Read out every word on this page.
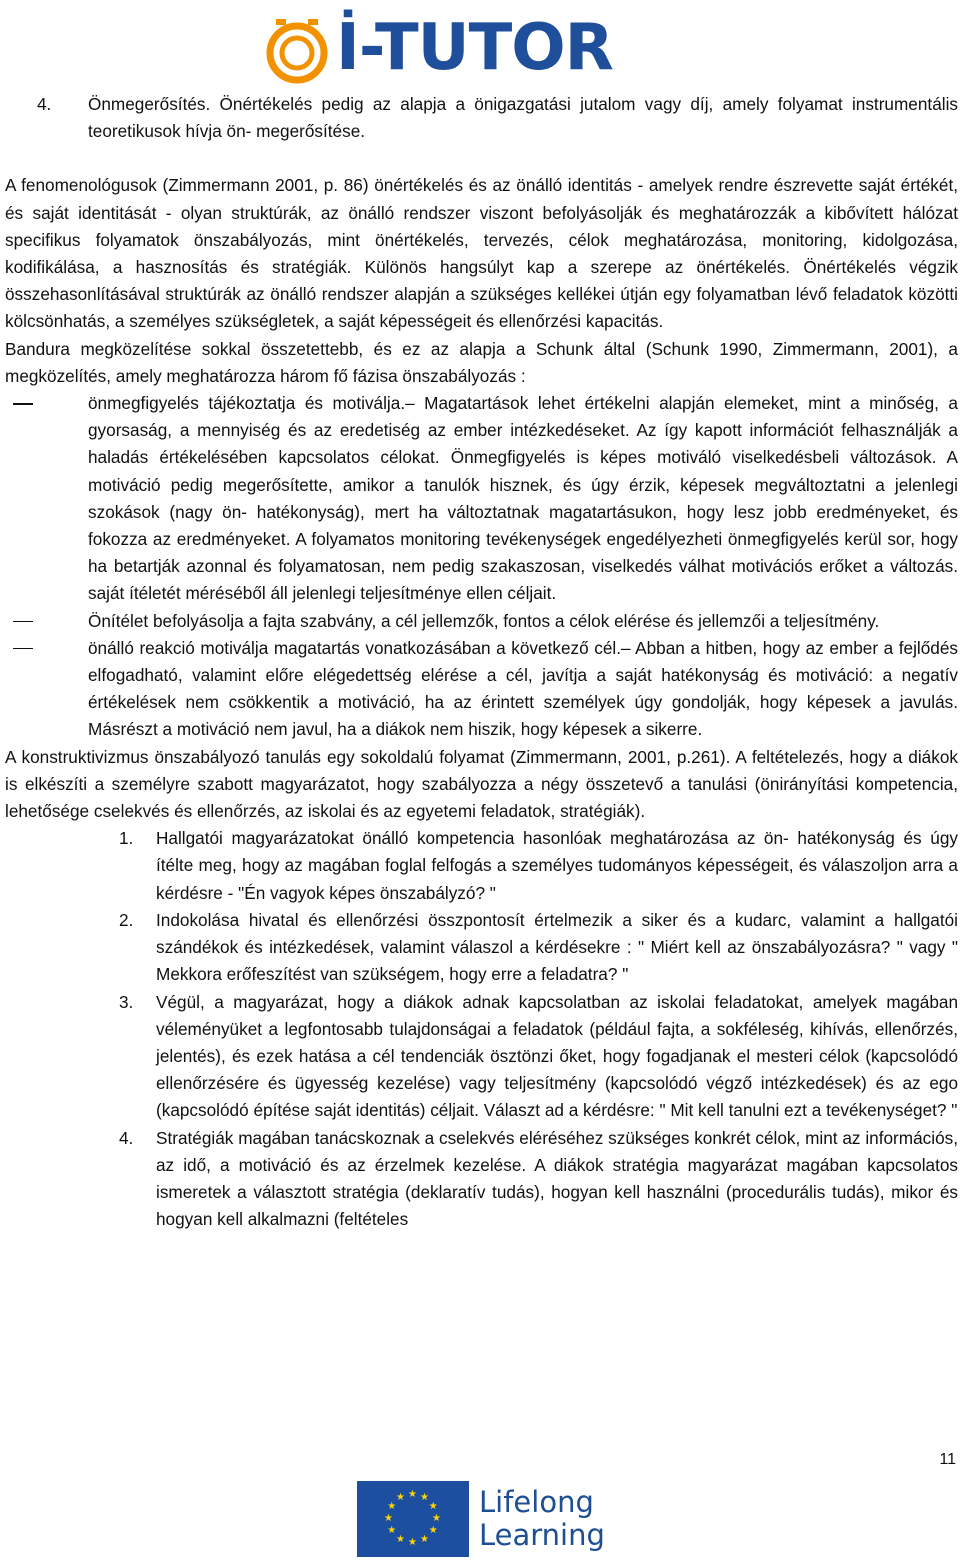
İ-TUTOR
4. Önmegerősítés. Önértékelés pedig az alapja a önigazgatási jutalom vagy díj, amely folyamat instrumentális teoretikusok hívja ön- megerősítése.

A fenomenológusok (Zimmermann 2001, p. 86) önértékelés és az önálló identitás - amelyek rendre észrevette saját értékét, és saját identitását - olyan struktúrák, az önálló rendszer viszont befolyásolják és meghatározzák a kibővített hálózat specifikus folyamatok önszabályozás, mint önértékelés, tervezés, célok meghatározása, monitoring, kidolgozása, kodifikálása, a hasznosítás és stratégiák. Különös hangsúlyt kap a szerepe az önértékelés. Önértékelés végzik összehasonlításával struktúrák az önálló rendszer alapján a szükséges kellékei útján egy folyamatban lévő feladatok közötti kölcsönhatás, a személyes szükségletek, a saját képességeit és ellenőrzési kapacitás.

Bandura megközelítése sokkal összetettebb, és ez az alapja a Schunk által (Schunk 1990, Zimmermann, 2001), a megközelítés, amely meghatározza három fő fázisa önszabályozás :

önmegfigyelés tájékoztatja és motiválja.– Magatartások lehet értékelni alapján elemeket, mint a minőség, a gyorsaság, a mennyiség és az eredetiség az ember intézkedéseket. Az így kapott információt felhasználják a haladás értékelésében kapcsolatos célokat. Önmegfigyelés is képes motiváló viselkedésbeli változások. A motiváció pedig megerősítette, amikor a tanulók hisznek, és úgy érzik, képesek megváltoztatni a jelenlegi szokások (nagy ön- hatékonyság), mert ha változtatnak magatartásukon, hogy lesz jobb eredményeket, és fokozza az eredményeket. A folyamatos monitoring tevékenységek engedélyezheti önmegfigyelés kerül sor, hogy ha betartják azonnal és folyamatosan, nem pedig szakaszosan, viselkedés válhat motivációs erőket a változás. saját ítéletét méréséből áll jelenlegi teljesítménye ellen céljait.

Önítélet befolyásolja a fajta szabvány, a cél jellemzők, fontos a célok elérése és jellemzői a teljesítmény.

önálló reakció motiválja magatartás vonatkozásában a következő cél.– Abban a hitben, hogy az ember a fejlődés elfogadható, valamint előre elégedettség elérése a cél, javítja a saját hatékonyság és motiváció: a negatív értékelések nem csökkentik a motiváció, ha az érintett személyek úgy gondolják, hogy képesek a javulás. Másrészt a motiváció nem javul, ha a diákok nem hiszik, hogy képesek a sikerre.

A konstruktivizmus önszabályozó tanulás egy sokoldalú folyamat (Zimmermann, 2001, p.261). A feltételezés, hogy a diákok is elkészíti a személyre szabott magyarázatot, hogy szabályozza a négy összetevő a tanulási (önirányítási kompetencia, lehetősége cselekvés és ellenőrzés, az iskolai és az egyetemi feladatok, stratégiák).

1. Hallgatói magyarázatokat önálló kompetencia hasonlóak meghatározása az ön- hatékonyság és úgy ítélte meg, hogy az magában foglal felfogás a személyes tudományos képességeit, és válaszoljon arra a kérdésre - "Én vagyok képes önszabályzó? "

2. Indokolása hivatal és ellenőrzési összpontosít értelmezik a siker és a kudarc, valamint a hallgatói szándékok és intézkedések, valamint válaszol a kérdésekre : " Miért kell az önszabályozásra? " vagy " Mekkora erőfeszítést van szükségem, hogy erre a feladatra? "

3. Végül, a magyarázat, hogy a diákok adnak kapcsolatban az iskolai feladatokat, amelyek magában véleményüket a legfontosabb tulajdonságai a feladatok (például fajta, a sokféleség, kihívás, ellenőrzés, jelentés), és ezek hatása a cél tendenciák ösztönzi őket, hogy fogadjanak el mesteri célok (kapcsolódó ellenőrzésére és ügyesség kezelése) vagy teljesítmény (kapcsolódó végző intézkedések) és az ego (kapcsolódó építése saját identitás) céljait. Választ ad a kérdésre: " Mit kell tanulni ezt a tevékenységet? "

4. Stratégiák magában tanácskoznak a cselekvés eléréséhez szükséges konkrét célok, mint az információs, az idő, a motiváció és az érzelmek kezelése. A diákok stratégia magyarázat magában kapcsolatos ismeretek a választott stratégia (deklaratív tudás), hogyan kell használni (procedurális tudás), mikor és hogyan kell alkalmazni (feltételes

11
★ ★
★
★
★
★
★
★
★
★
★
★	Lifelong
Learning
